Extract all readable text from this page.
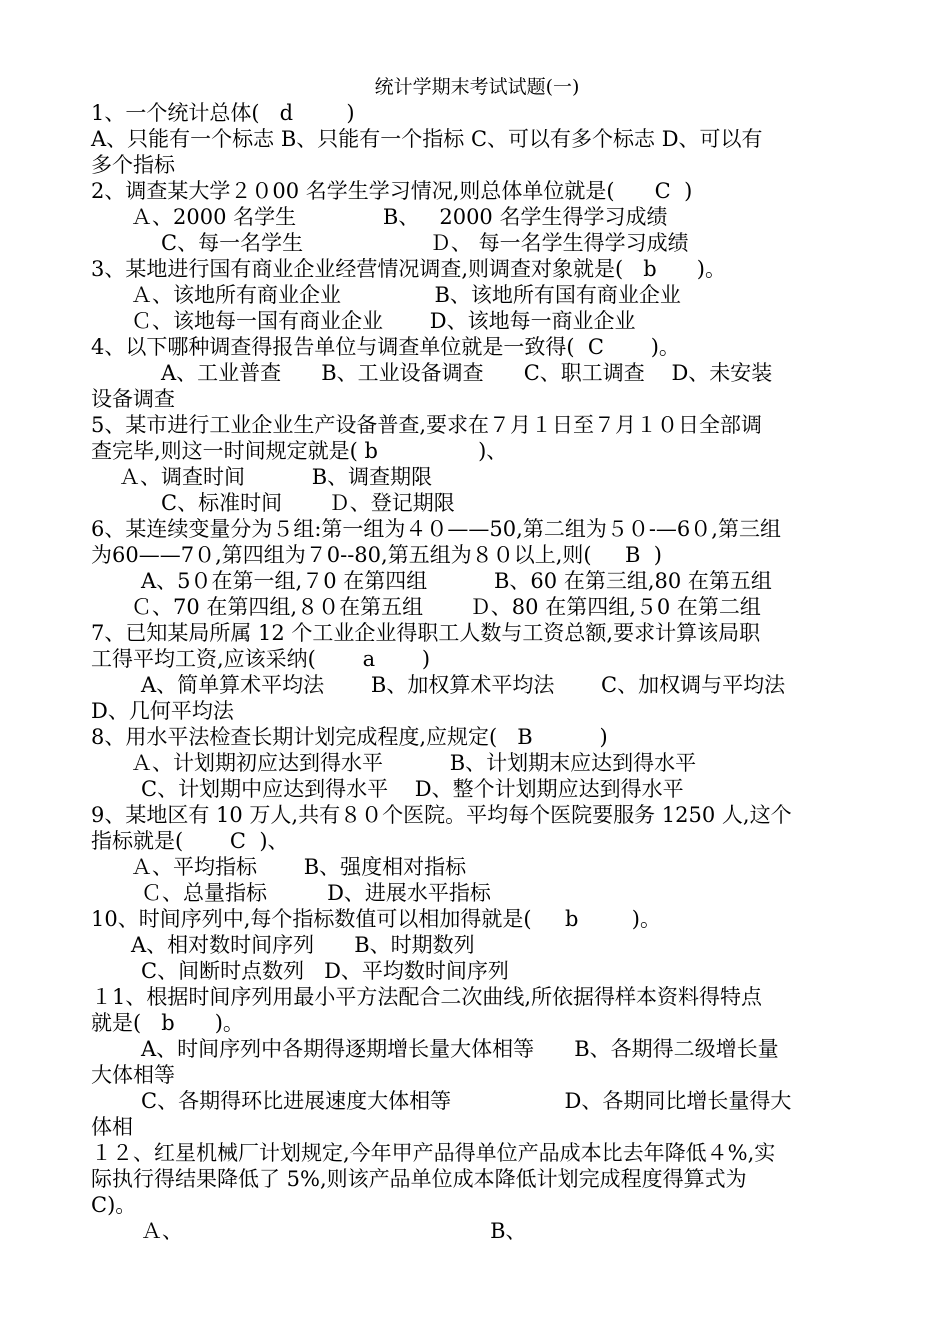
统计学期末考试试题(一)
1、一个统计总体(   d        )
A、只能有一个标志 B、只能有一个指标 C、可以有多个标志 D、可以有
多个指标
2、调查某大学２０00 名学生学习情况,则总体单位就是(      C  )
Ａ、2000 名学生             B、   2000 名学生得学习成绩
C、每一名学生                   Ｄ、 每一名学生得学习成绩
3、某地进行国有商业企业经营情况调查,则调查对象就是(   b      )。
Ａ、该地所有商业企业              B、该地所有国有商业企业
Ｃ、该地每一国有商业企业       D、该地每一商业企业
4、以下哪种调查得报告单位与调查单位就是一致得(  C       )。
A、工业普查      B、工业设备调查      C、职工调查    D、未安装
设备调查
5、某市进行工业企业生产设备普查,要求在７月１日至７月１０日全部调
查完毕,则这一时间规定就是( b               )、
Ａ、调查时间          B、调查期限
C、标准时间       Ｄ、登记期限
6、某连续变量分为５组:第一组为４０——50,第二组为５０-—6０,第三组
为60——7０,第四组为７0--80,第五组为８０以上,则(     B  )
A、5０在第一组,７0 在第四组          B、60 在第三组,80 在第五组
Ｃ、70 在第四组,８０在第五组       Ｄ、80 在第四组,５0 在第二组
7、已知某局所属 12 个工业企业得职工人数与工资总额,要求计算该局职
工得平均工资,应该采纳(       a       )
A、简单算术平均法       B、加权算术平均法       C、加权调与平均法
D、几何平均法
8、用水平法检查长期计划完成程度,应规定(   B          )
Ａ、计划期初应达到得水平          B、计划期末应达到得水平
C、计划期中应达到得水平    D、整个计划期应达到得水平
9、某地区有 10 万人,共有８０个医院。平均每个医院要服务 1250 人,这个
指标就是(       C  )、
Ａ、平均指标       B、强度相对指标
Ｃ、总量指标         D、进展水平指标
10、时间序列中,每个指标数值可以相加得就是(     b        )。
A、相对数时间序列      B、时期数列
C、间断时点数列   D、平均数时间序列
１1、根据时间序列用最小平方法配合二次曲线,所依据得样本资料得特点
就是(   b      )。
A、时间序列中各期得逐期增长量大体相等      B、各期得二级增长量
大体相等
C、各期得环比进展速度大体相等                 D、各期同比增长量得大
体相
１２、红星机械厂计划规定,今年甲产品得单位产品成本比去年降低４%,实
际执行得结果降低了 5%,则该产品单位成本降低计划完成程度得算式为
C)。
Ａ、                                              B、
